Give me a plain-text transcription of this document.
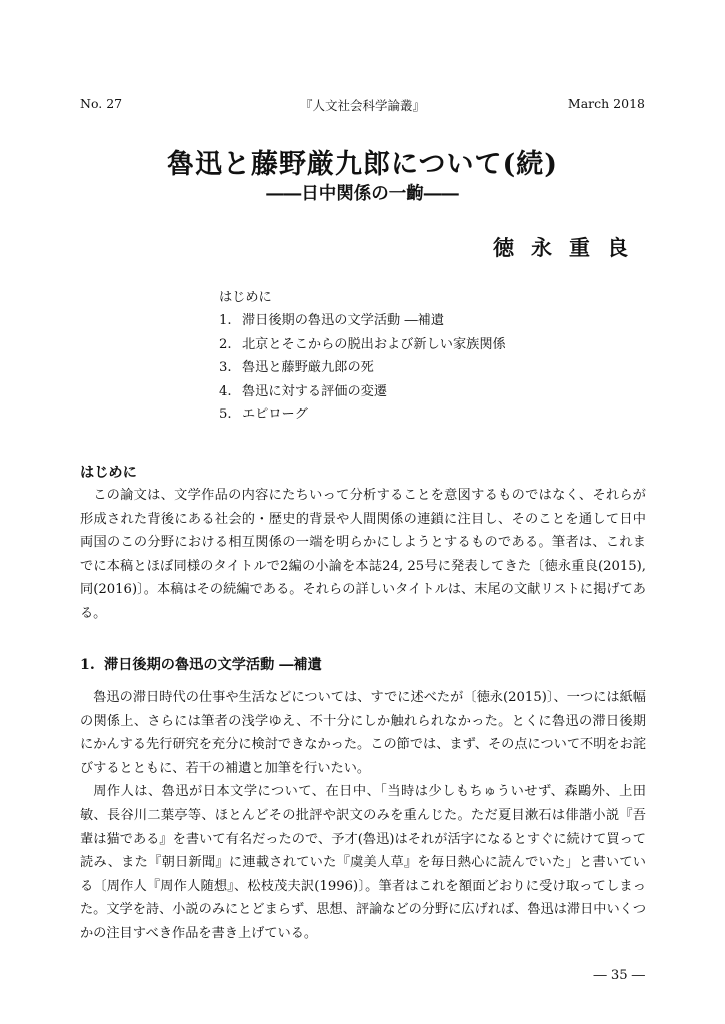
No. 27	『人文社会科学論叢』	March 2018
魯迅と藤野厳九郎について(続)
――日中関係の一齣――
徳永重良
はじめに
1. 滞日後期の魯迅の文学活動 ―補遺
2. 北京とそこからの脱出および新しい家族関係
3. 魯迅と藤野厳九郎の死
4. 魯迅に対する評価の変遷
5. エピローグ
はじめに

この論文は、文学作品の内容にたちいって分析することを意図するものではなく、それらが形成された背後にある社会的・歴史的背景や人間関係の連鎖に注目し、そのことを通して日中両国のこの分野における相互関係の一端を明らかにしようとするものである。筆者は、これまでに本稿とほぼ同様のタイトルで2編の小論を本誌24, 25号に発表してきた〔徳永重良(2015), 同(2016)〕。本稿はその続編である。それらの詳しいタイトルは、末尾の文献リストに掲げてある。

1. 滞日後期の魯迅の文学活動 ―補遺

魯迅の滞日時代の仕事や生活などについては、すでに述べたが〔徳永(2015)〕、一つには紙幅の関係上、さらには筆者の浅学ゆえ、不十分にしか触れられなかった。とくに魯迅の滞日後期にかんする先行研究を充分に検討できなかった。この節では、まず、その点について不明をお詫びするとともに、若干の補遺と加筆を行いたい。

周作人は、魯迅が日本文学について、在日中、「当時は少しもちゅういせず、森鷗外、上田敏、長谷川二葉亭等、ほとんどその批評や訳文のみを重んじた。ただ夏目漱石は俳諧小説『吾輩は猫である』を書いて有名だったので、予才(魯迅)はそれが活字になるとすぐに続けて買って読み、また『朝日新聞』に連載されていた『虞美人草』を毎日熱心に読んでいた」と書いている〔周作人『周作人随想』、松枝茂夫訳(1996)〕。筆者はこれを額面どおりに受け取ってしまった。文学を詩、小説のみにとどまらず、思想、評論などの分野に広げれば、魯迅は滞日中いくつかの注目すべき作品を書き上げている。

― 35 ―
